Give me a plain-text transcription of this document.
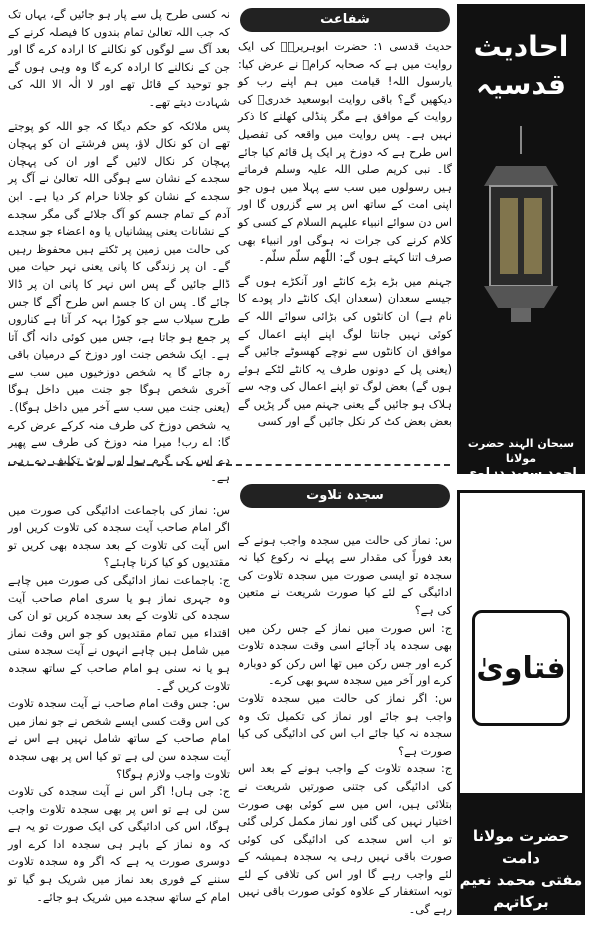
احادیث
قدسیہ
سبحان الہند حضرت مولانا
احمد سعید دہلوی
شفاعت

حدیث قدسی ۱: حضرت ابوہریرہؓ کی ایک روایت میں ہے کہ صحابہ کرامؓ نے عرض کیا: یارسول اللہ! قیامت میں ہم اپنے رب کو دیکھیں گے؟ باقی روایت ابوسعید خدریؓ کی روایت کے موافق ہے مگر پنڈلی کھلنے کا ذکر نہیں ہے۔ پس روایت میں واقعہ کی تفصیل اس طرح ہے کہ دوزخ پر ایک پل قائم کیا جائے گا۔ نبی کریم صلی اللہ علیہ وسلم فرماتے ہیں رسولوں میں سب سے پہلا میں ہوں جو اپنی امت کے ساتھ اس پر سے گزروں گا اور اس دن سوائے انبیاء علیہم السلام کے کسی کو کلام کرنے کی جرات نہ ہوگی اور انبیاء بھی صرف اتنا کہتے ہوں گے: اللّٰھم سلّم سلّم۔

جہنم میں بڑے بڑے کانٹے اور آنکڑے ہوں گے جیسے سعدان (سعدان ایک کانٹے دار پودے کا نام ہے) ان کانٹوں کی بڑائی سوائے اللہ کے کوئی نہیں جانتا لوگ اپنے اپنے اعمال کے موافق ان کانٹوں سے نوچے کھسوٹے جائیں گے (یعنی پل کے دونوں طرف یہ کانٹے لٹکے ہوئے ہوں گے) بعض لوگ تو اپنے اعمال کی وجہ سے ہلاک ہو جائیں گے یعنی جہنم میں گر پڑیں گے بعض بعض کٹ کر نکل جائیں گے اور کسی

نہ کسی طرح پل سے پار ہو جائیں گے، یہاں تک کہ جب اللہ تعالیٰ تمام بندوں کا فیصلہ کرنے کے بعد آگ سے لوگوں کو نکالنے کا ارادہ کرے گا اور جن کے نکالنے کا ارادہ کرے گا وہ وہی ہوں گے جو توحید کے قائل تھے اور لا الٰہ الا اللہ کی شہادت دیتے تھے۔

پس ملائکہ کو حکم دیگا کہ جو اللہ کو پوجتے تھے ان کو نکال لاؤ، پس فرشتے ان کو پہچان پہچان کر نکال لائیں گے اور ان کی پہچان سجدے کے نشان سے ہوگی اللہ تعالیٰ نے آگ پر سجدے کے نشان کو جلانا حرام کر دیا ہے۔ ابن آدم کے تمام جسم کو آگ جلائے گی مگر سجدے کے نشانات یعنی پیشانیاں یا وہ اعضاء جو سجدے کی حالت میں زمین پر ٹکتے ہیں محفوظ رہیں گے۔ ان پر زندگی کا پانی یعنی نہر حیات میں ڈالے جائیں گے پس اس نہر کا پانی ان پر ڈالا جائے گا۔ پس ان کا جسم اس طرح اُگے گا جس طرح سیلاب سے جو کوڑا بہہ کر آتا ہے کناروں پر جمع ہو جاتا ہے، جس میں کوئی دانہ اُگ آتا ہے۔ ایک شخص جنت اور دوزخ کے درمیان باقی رہ جائے گا یہ شخص دوزخیوں میں سب سے آخری شخص ہوگا جو جنت میں داخل ہوگا (یعنی جنت میں سب سے آخر میں داخل ہوگا)۔ یہ شخص دوزخ کی طرف منہ کرکے عرض کرے گا: اے رب! میرا منہ دوزخ کی طرف سے پھیر دے اس کی گرم ہوا اور لوٹ تکلیف دے رہی ہے۔

فتاویٰ
حضرت مولانا دامت
مفتی محمد نعیم برکاتہم
سجدہ تلاوت

س: نماز کی حالت میں سجدہ واجب ہونے کے بعد فوراً کی مقدار سے پہلے نہ رکوع کیا نہ سجدہ تو ایسی صورت میں سجدہ تلاوت کی ادائیگی کے لئے کیا صورت شریعت نے متعین کی ہے؟
ج: اس صورت میں نماز کے جس رکن میں بھی سجدہ یاد آجائے اسی وقت سجدہ تلاوت کرے اور جس رکن میں تھا اس رکن کو دوبارہ کرے اور آخر میں سجدہ سہو بھی کرے۔
س: اگر نماز کی حالت میں سجدہ تلاوت واجب ہو جائے اور نماز کی تکمیل تک وہ سجدہ نہ کیا جائے اب اس کی ادائیگی کی کیا صورت ہے؟
ج: سجدہ تلاوت کے واجب ہونے کے بعد اس کی ادائیگی کی جتنی صورتیں شریعت نے بتلائی ہیں، اس میں سے کوئی بھی صورت اختیار نہیں کی گئی اور نماز مکمل کرلی گئی تو اب اس سجدے کی ادائیگی کی کوئی صورت باقی نہیں رہی یہ سجدہ ہمیشہ کے لئے واجب رہے گا اور اس کی تلافی کے لئے توبہ استغفار کے علاوہ کوئی صورت باقی نہیں رہے گی۔

س: نماز کی باجماعت ادائیگی کی صورت میں اگر امام صاحب آیت سجدہ کی تلاوت کریں اور اس آیت کی تلاوت کے بعد سجدہ بھی کریں تو مقتدیوں کو کیا کرنا چاہئے؟
ج: باجماعت نماز ادائیگی کی صورت میں چاہے وہ جہری نماز ہو یا سری امام صاحب آیت سجدہ کی تلاوت کے بعد سجدہ کریں تو ان کی اقتداء میں تمام مقتدیوں کو جو اس وقت نماز میں شامل ہیں چاہے انہوں نے آیت سجدہ سنی ہو یا نہ سنی ہو امام صاحب کے ساتھ سجدہ تلاوت کریں گے۔
س: جس وقت امام صاحب نے آیت سجدہ تلاوت کی اس وقت کسی ایسے شخص نے جو نماز میں امام صاحب کے ساتھ شامل نہیں ہے اس نے آیت سجدہ سن لی ہے تو کیا اس پر بھی سجدہ تلاوت واجب ولازم ہوگا؟
ج: جی ہاں! اگر اس نے آیت سجدہ کی تلاوت سن لی ہے تو اس پر بھی سجدہ تلاوت واجب ہوگا، اس کی ادائیگی کی ایک صورت تو یہ ہے کہ وہ نماز کے باہر ہی سجدہ ادا کرے اور دوسری صورت یہ ہے کہ اگر وہ سجدہ تلاوت سننے کے فوری بعد نماز میں شریک ہو گیا تو امام کے ساتھ سجدے میں شریک ہو جائے۔
